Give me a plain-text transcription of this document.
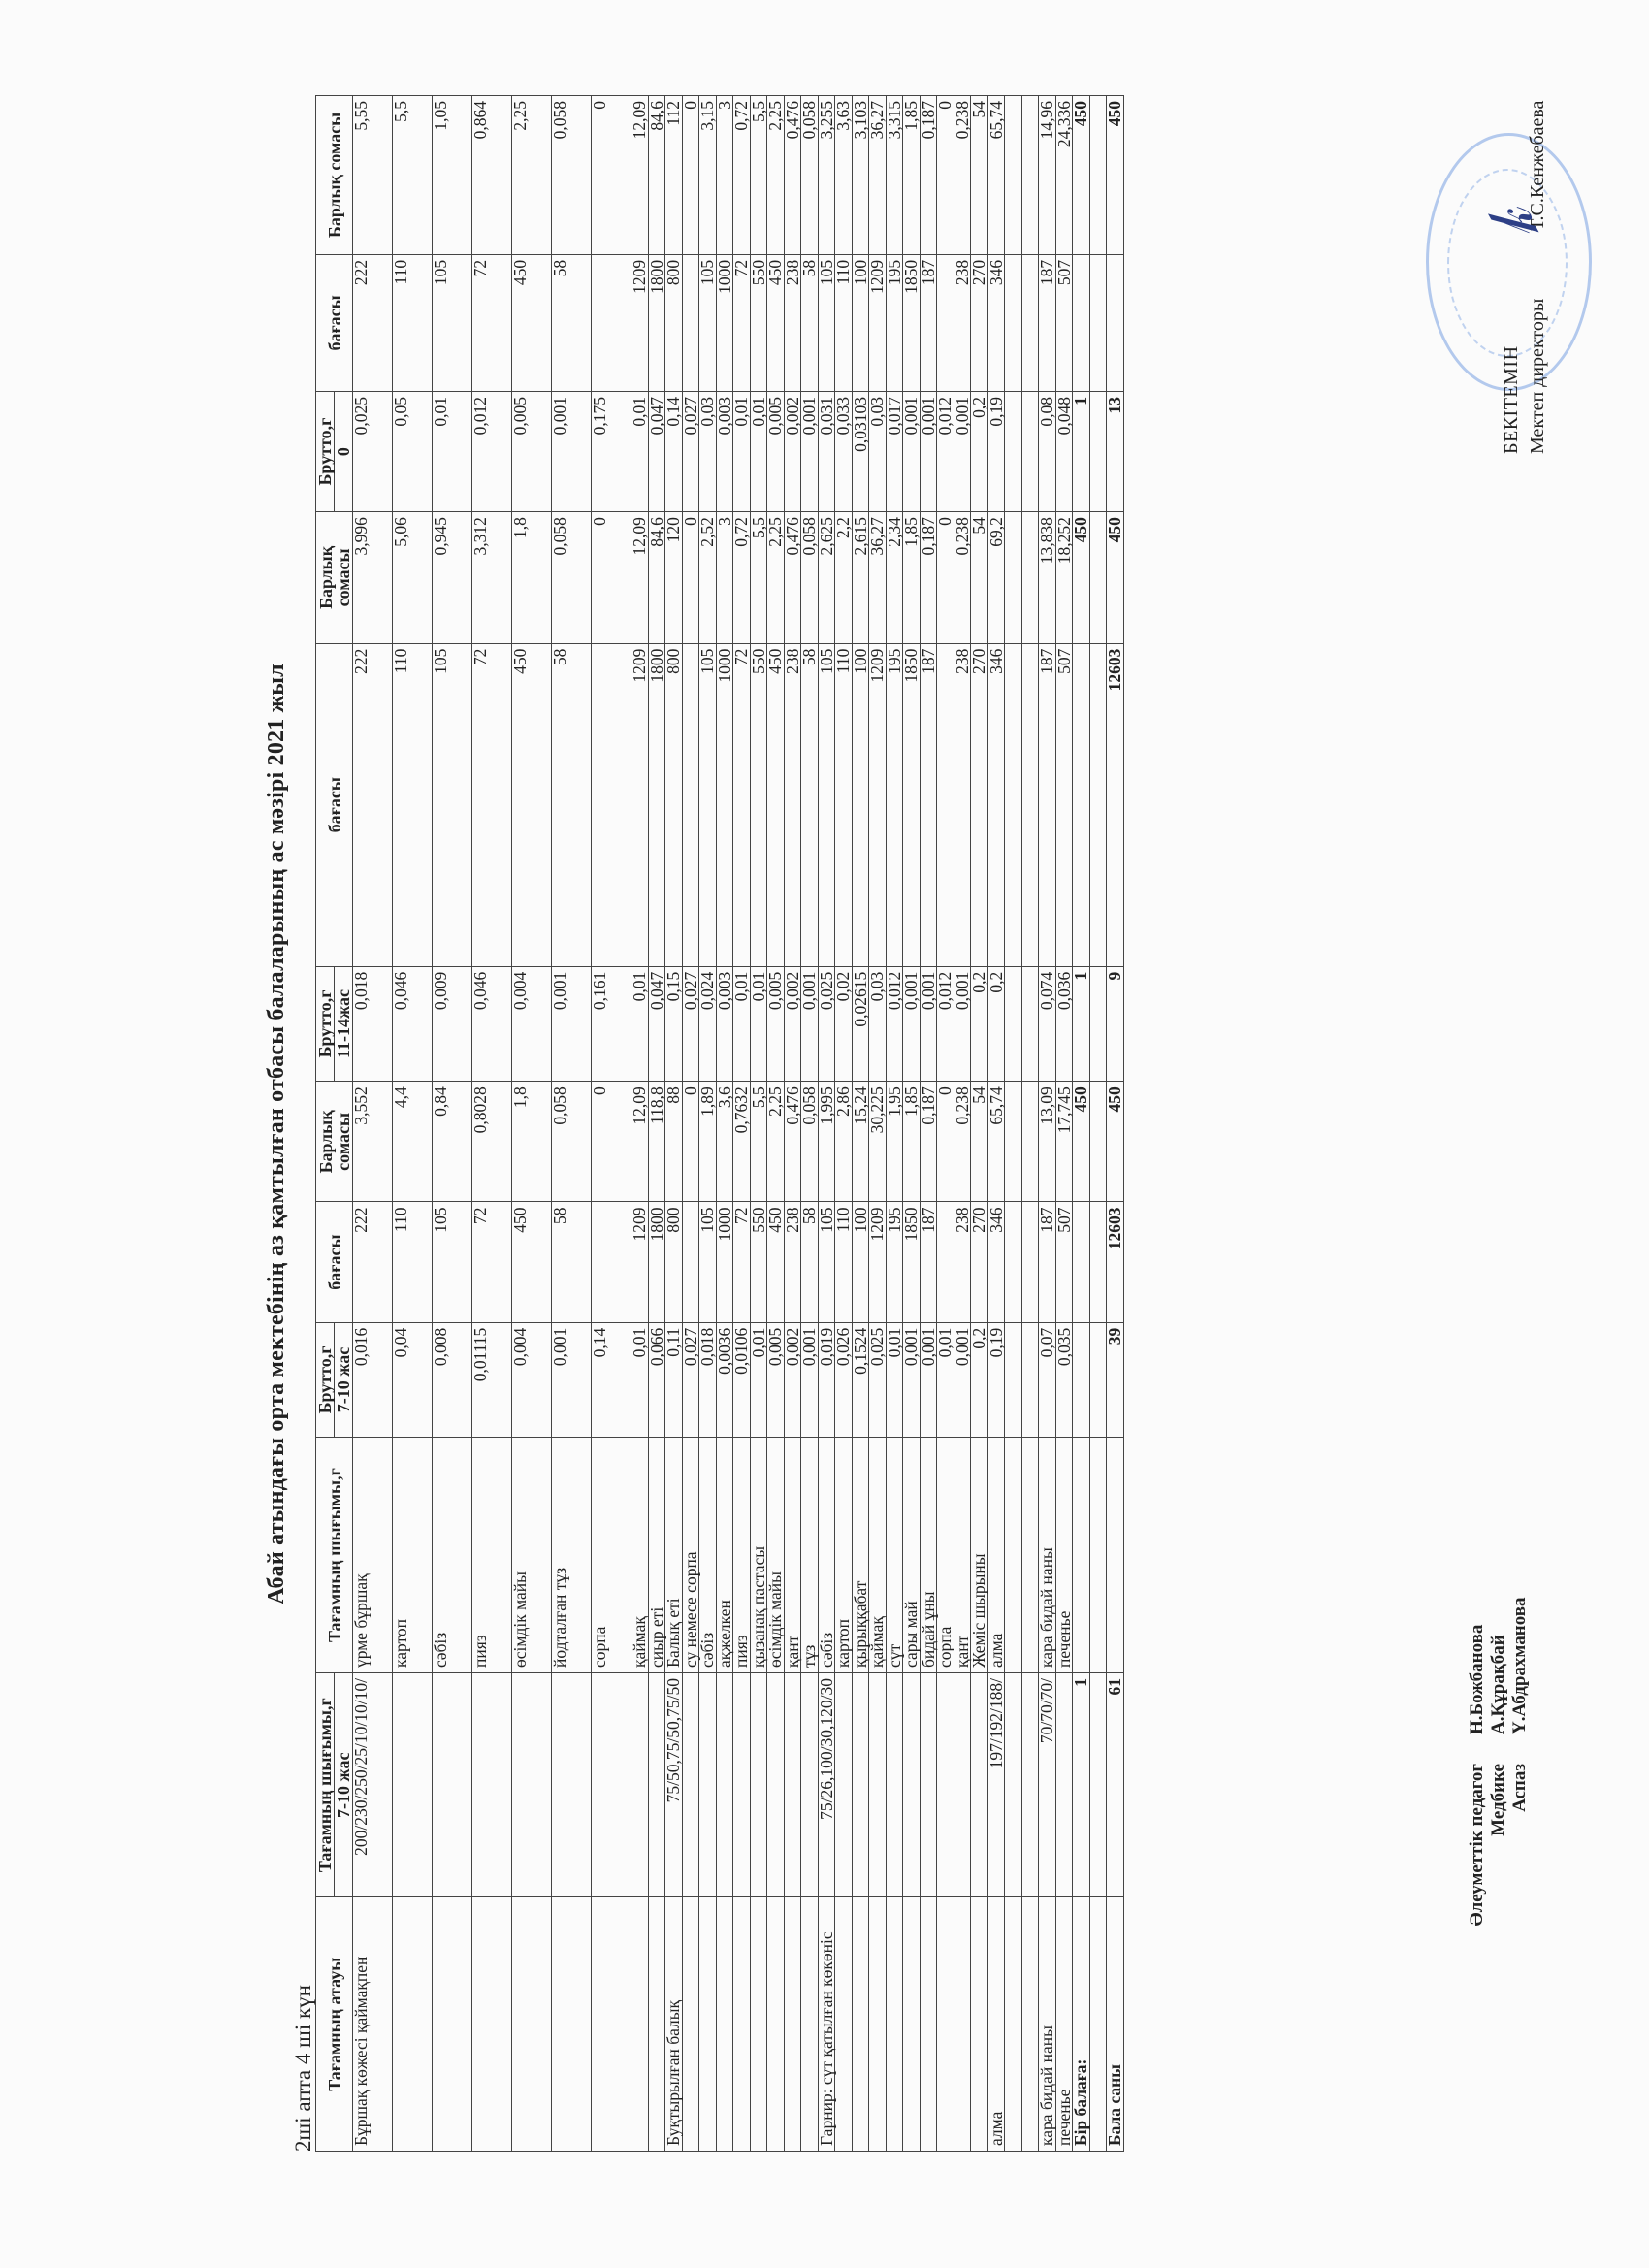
БЕКІТЕМІН Мектеп директоры  Т.С.Кенжебаева
𝓀
Абай атындағы орта мектебінің аз қамтылған отбасы балаларының ас мәзірі 2021 жыл
2ші апта 4 ші күн Тағамның атауы	Тағамның шығымы,г	Тағамның шығымы,г	Брутто,г	бағасы	Барлық сомасы	Брутто,г	бағасы	Барлық сомасы	Брутто,г	бағасы	Барлық сомасы
	7-10 жас		7-10 жас			11-14жас			0		
Бұршақ көжесі қаймақпен	200/230/250/25/10/10/10/	үрме бұршақ	0,016	222	3,552	0,018	222	3,996	0,025	222	5,55
		картоп	0,04	110	4,4	0,046	110	5,06	0,05	110	5,5
		сәбіз	0,008	105	0,84	0,009	105	0,945	0,01	105	1,05
		пияз	0,01115	72	0,8028	0,046	72	3,312	0,012	72	0,864
		өсімдік майы	0,004	450	1,8	0,004	450	1,8	0,005	450	2,25
		йодталған тұз	0,001	58	0,058	0,001	58	0,058	0,001	58	0,058
		сорпа	0,14		0	0,161		0	0,175		0
		қаймақ	0,01	1209	12,09	0,01	1209	12,09	0,01	1209	12,09
		сиыр еті	0,066	1800	118,8	0,047	1800	84,6	0,047	1800	84,6
Буқтырылған балық	75/50,75/50,75/50	Балық еті	0,11	800	88	0,15	800	120	0,14	800	112
		су немесе сорпа	0,027		0	0,027		0	0,027		0
		сәбіз	0,018	105	1,89	0,024	105	2,52	0,03	105	3,15
		ақжелкен	0,0036	1000	3,6	0,003	1000	3	0,003	1000	3
		пияз	0,0106	72	0,7632	0,01	72	0,72	0,01	72	0,72
		қызанақ пастасы	0,01	550	5,5	0,01	550	5,5	0,01	550	5,5
		өсімдік майы	0,005	450	2,25	0,005	450	2,25	0,005	450	2,25
		қант	0,002	238	0,476	0,002	238	0,476	0,002	238	0,476
		тұз	0,001	58	0,058	0,001	58	0,058	0,001	58	0,058
Гарнир: сүт қатылған көкөніс	75/26,100/30,120/30	сәбіз	0,019	105	1,995	0,025	105	2,625	0,031	105	3,255
		картоп	0,026	110	2,86	0,02	110	2,2	0,033	110	3,63
		қырыққабат	0,1524	100	15,24	0,02615	100	2,615	0,03103	100	3,103
		қаймақ	0,025	1209	30,225	0,03	1209	36,27	0,03	1209	36,27
		сүт	0,01	195	1,95	0,012	195	2,34	0,017	195	3,315
		сары май	0,001	1850	1,85	0,001	1850	1,85	0,001	1850	1,85
		бидай ұны	0,001	187	0,187	0,001	187	0,187	0,001	187	0,187
		сорпа	0,01		0	0,012		0	0,012		0
		қант	0,001	238	0,238	0,001	238	0,238	0,001	238	0,238
		Жеміс шырыны	0,2	270	54	0,2	270	54	0,2	270	54
алма	197/192/188/	алма	0,19	346	65,74	0,2	346	69,2	0,19	346	65,74

кара бидай наны	70/70/70/	кара бидай наны	0,07	187	13,09	0,074	187	13,838	0,08	187	14,96
печенье		печенье	0,035	507	17,745	0,036	507	18,252	0,048	507	24,336
Бір балаға:	1				450	1		450	1		450

Бала саны	61		39	12603	450	9	12603	450	13		450
Әлеуметтік педагог Медбике Аспаз
Н.Божбанова А.Құрақбай Ү.Абдрахманова
